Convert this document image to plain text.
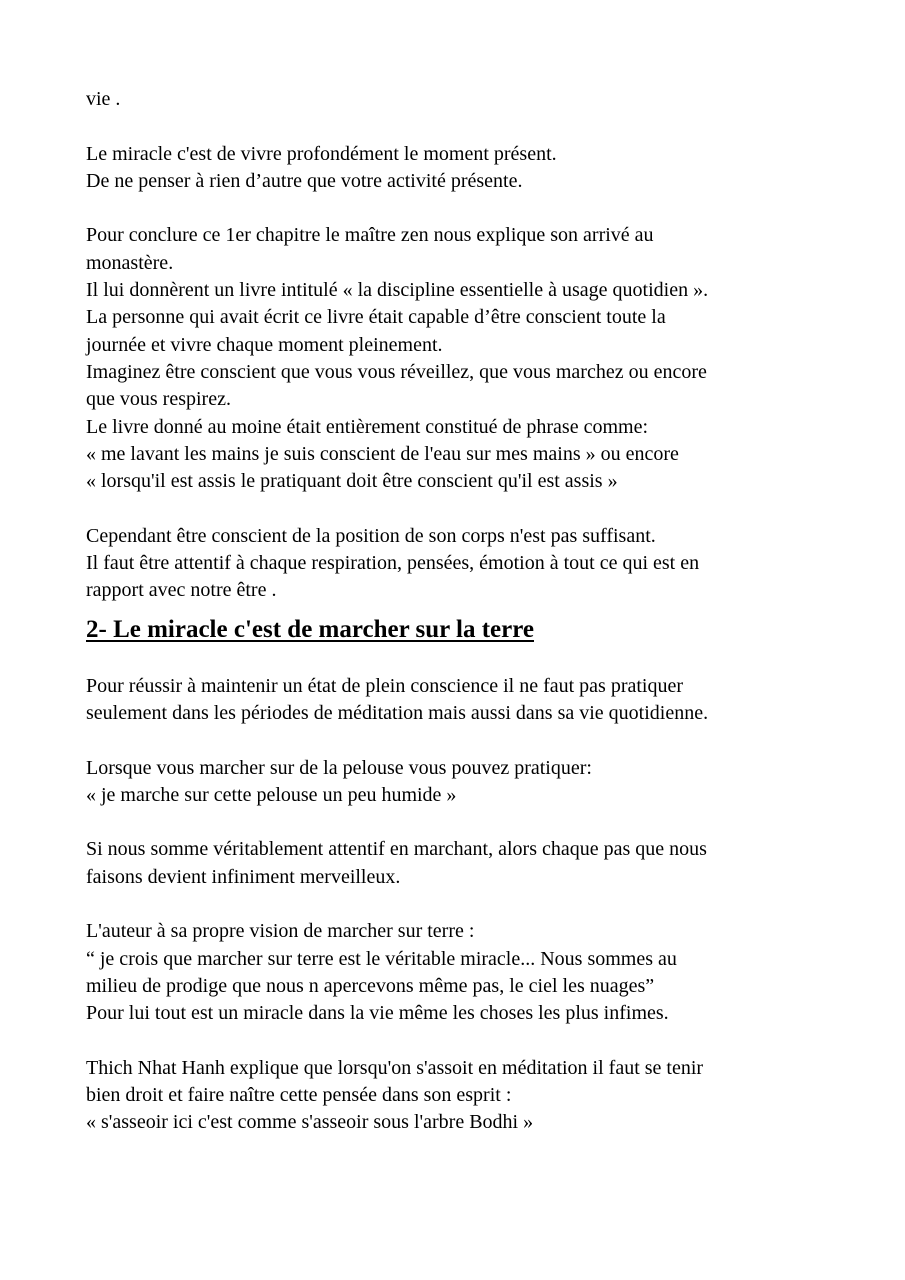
vie .
Le miracle c'est de vivre profondément le moment présent.
De ne penser à rien d’autre que votre activité présente.
Pour conclure ce 1er chapitre le maître zen nous explique son arrivé au
monastère.
Il lui donnèrent un livre intitulé « la discipline essentielle à usage quotidien ».
La personne qui avait écrit ce livre était capable d’être conscient toute la
journée et vivre chaque moment pleinement.
Imaginez être conscient que vous vous réveillez, que vous marchez ou encore
que vous respirez.
Le livre donné au moine était entièrement constitué de phrase comme:
« me lavant les mains je suis conscient de l'eau sur mes mains » ou encore
« lorsqu'il est assis le pratiquant doit être conscient qu'il est assis »
Cependant être conscient de la position de son corps n'est pas suffisant.
Il faut être attentif à chaque respiration, pensées, émotion à tout ce qui est en
rapport avec notre être .
2- Le miracle c'est de marcher sur la terre
Pour réussir à maintenir un état de plein conscience il ne faut pas pratiquer
seulement dans les périodes de méditation mais aussi dans sa vie quotidienne.
Lorsque vous marcher sur de la pelouse vous pouvez pratiquer:
« je marche sur cette pelouse un peu humide »
Si nous somme véritablement attentif en marchant, alors chaque pas que nous
faisons devient infiniment merveilleux.
L'auteur à sa propre vision de marcher sur terre :
“ je crois que marcher sur terre est le véritable miracle... Nous sommes au
milieu de prodige que nous n apercevons même pas, le ciel les nuages”
Pour lui tout est un miracle dans la vie même les choses les plus infimes.
Thich Nhat Hanh explique que lorsqu'on s'assoit en méditation il faut se tenir
bien droit et faire naître cette pensée dans son esprit :
« s'asseoir ici c'est comme s'asseoir sous l'arbre Bodhi »
